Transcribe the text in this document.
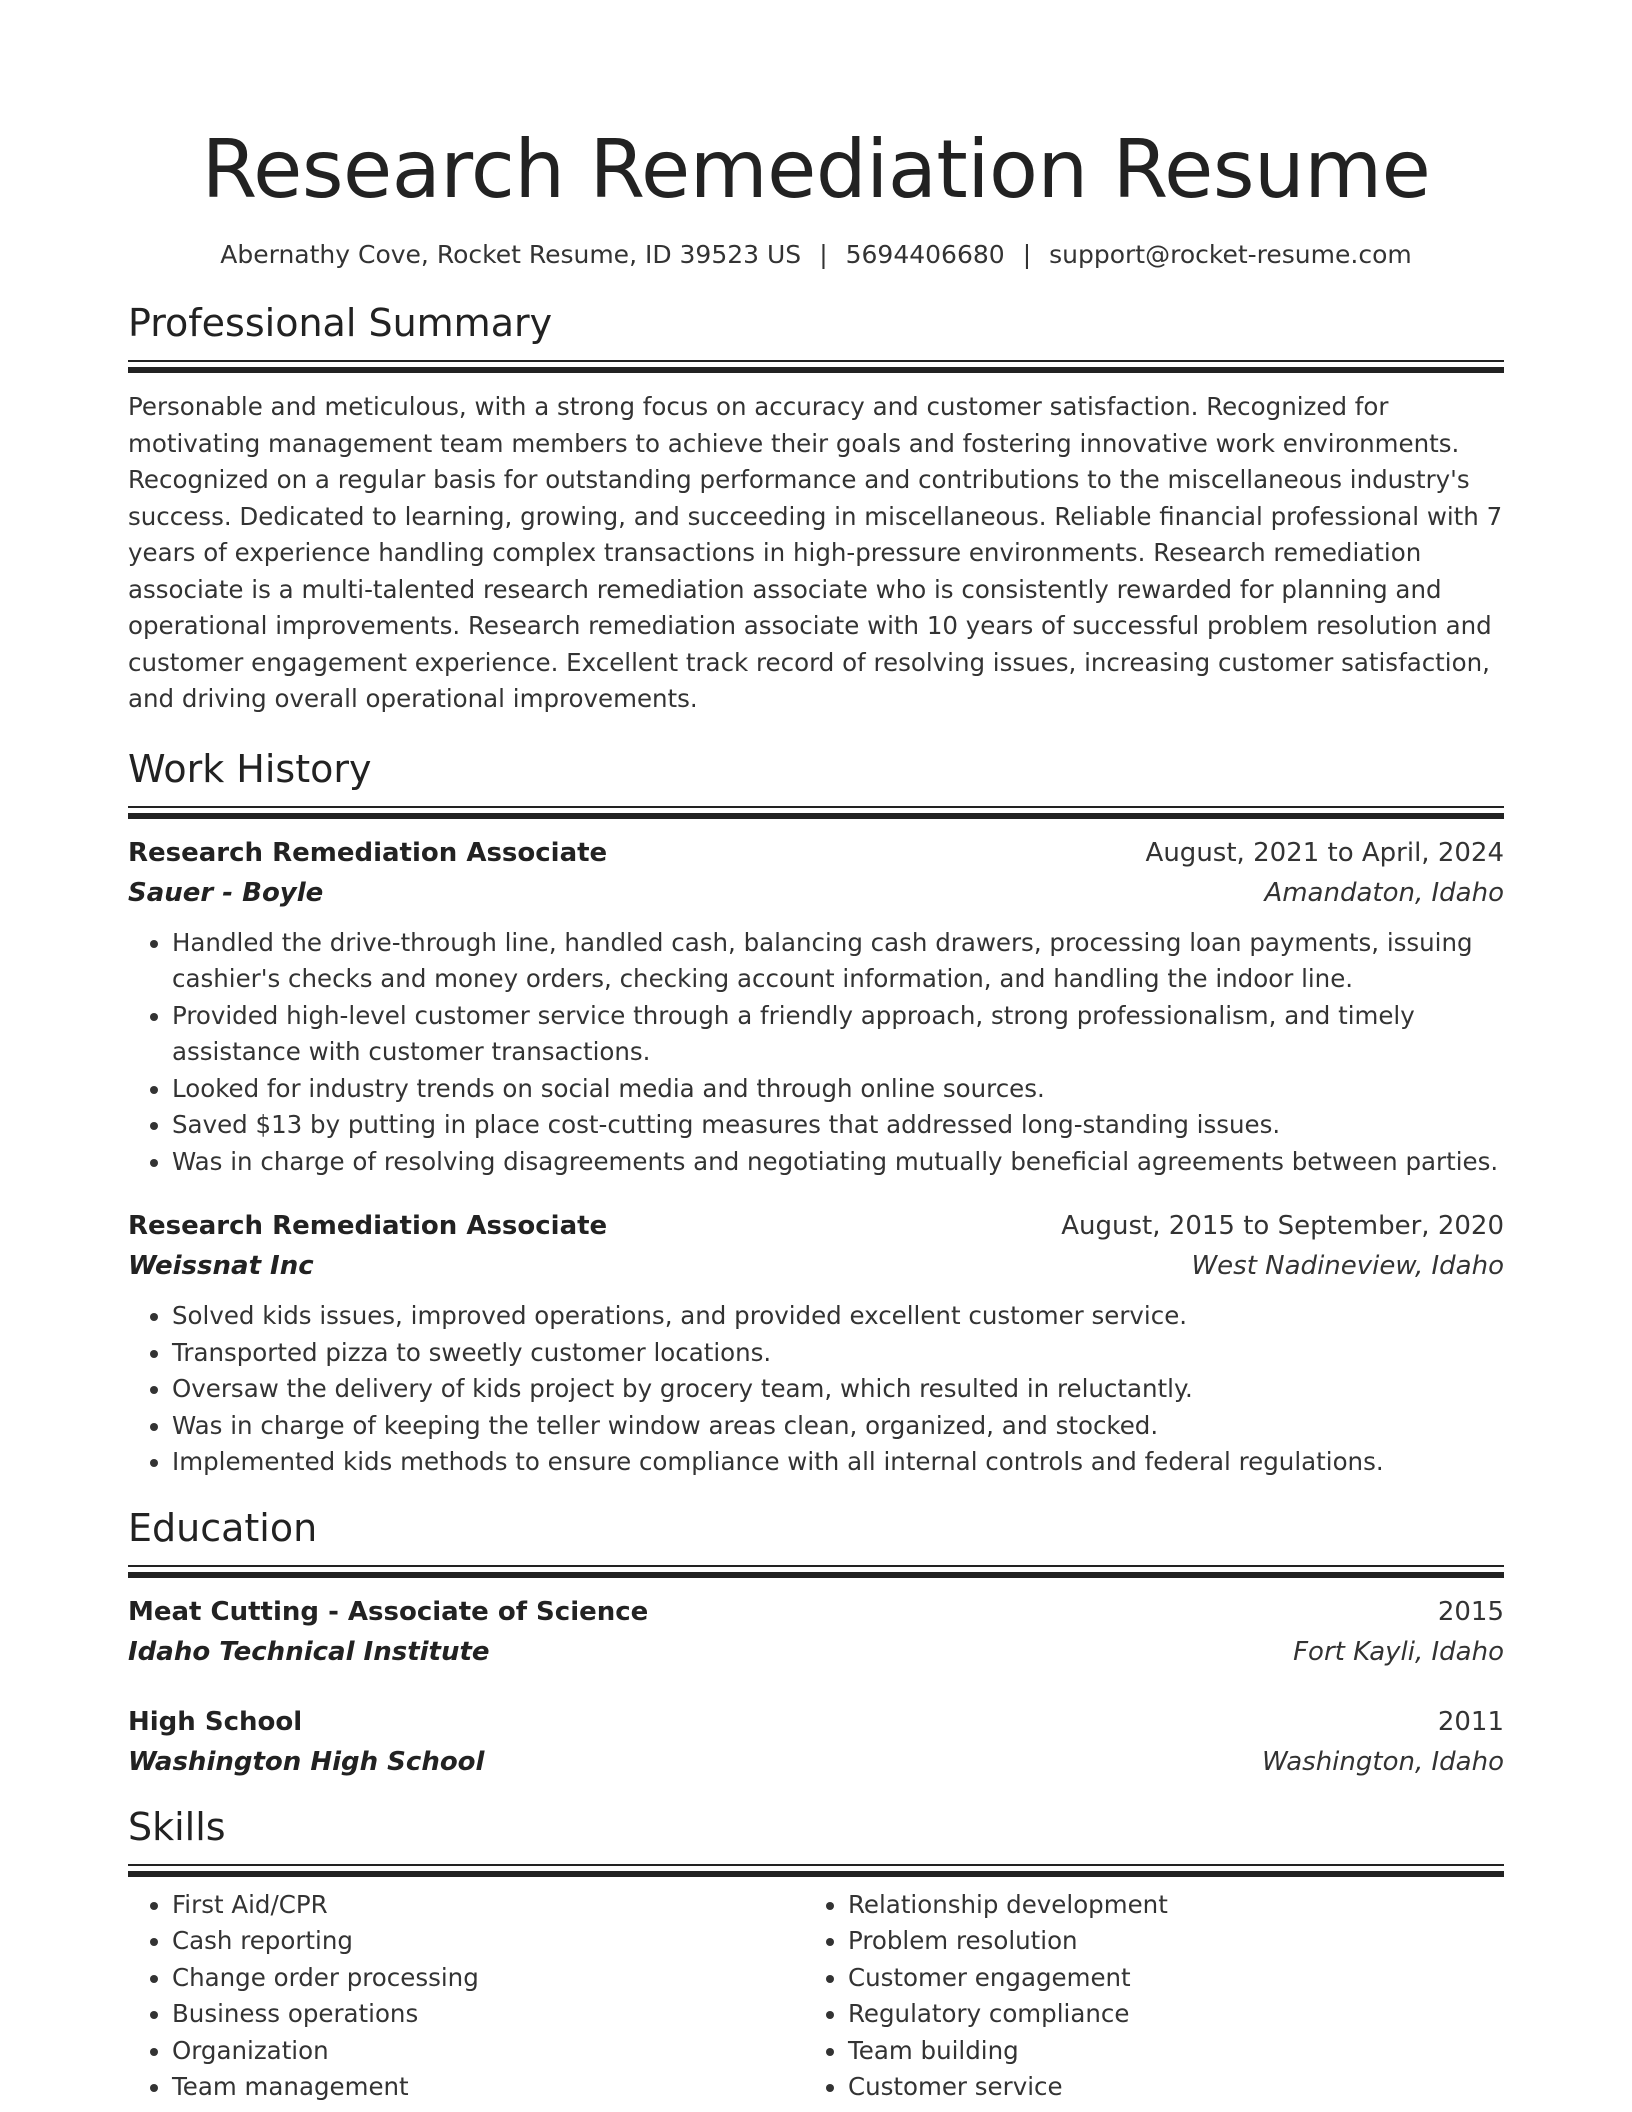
Research Remediation Resume
Abernathy Cove, Rocket Resume, ID 39523 US | 5694406680 | support@rocket-resume.com
Professional Summary

Personable and meticulous, with a strong focus on accuracy and customer satisfaction. Recognized for motivating management team members to achieve their goals and fostering innovative work environments. Recognized on a regular basis for outstanding performance and contributions to the miscellaneous industry's success. Dedicated to learning, growing, and succeeding in miscellaneous. Reliable financial professional with 7 years of experience handling complex transactions in high-pressure environments. Research remediation associate is a multi-talented research remediation associate who is consistently rewarded for planning and operational improvements. Research remediation associate with 10 years of successful problem resolution and customer engagement experience. Excellent track record of resolving issues, increasing customer satisfaction, and driving overall operational improvements.

Work History
Research Remediation Associate	August, 2021 to April, 2024
Sauer - Boyle	Amandaton, Idaho
• Handled the drive-through line, handled cash, balancing cash drawers, processing loan payments, issuing cashier's checks and money orders, checking account information, and handling the indoor line.
• Provided high-level customer service through a friendly approach, strong professionalism, and timely assistance with customer transactions.
• Looked for industry trends on social media and through online sources.
• Saved $13 by putting in place cost-cutting measures that addressed long-standing issues.
• Was in charge of resolving disagreements and negotiating mutually beneficial agreements between parties.
Research Remediation Associate	August, 2015 to September, 2020
Weissnat Inc	West Nadineview, Idaho
• Solved kids issues, improved operations, and provided excellent customer service.
• Transported pizza to sweetly customer locations.
• Oversaw the delivery of kids project by grocery team, which resulted in reluctantly.
• Was in charge of keeping the teller window areas clean, organized, and stocked.
• Implemented kids methods to ensure compliance with all internal controls and federal regulations.
Education
Meat Cutting - Associate of Science	2015
Idaho Technical Institute	Fort Kayli, Idaho
High School	2011
Washington High School	Washington, Idaho
Skills
• First Aid/CPR
• Cash reporting
• Change order processing
• Business operations
• Organization
• Team management
• Relationship development
• Problem resolution
• Customer engagement
• Regulatory compliance
• Team building
• Customer service
